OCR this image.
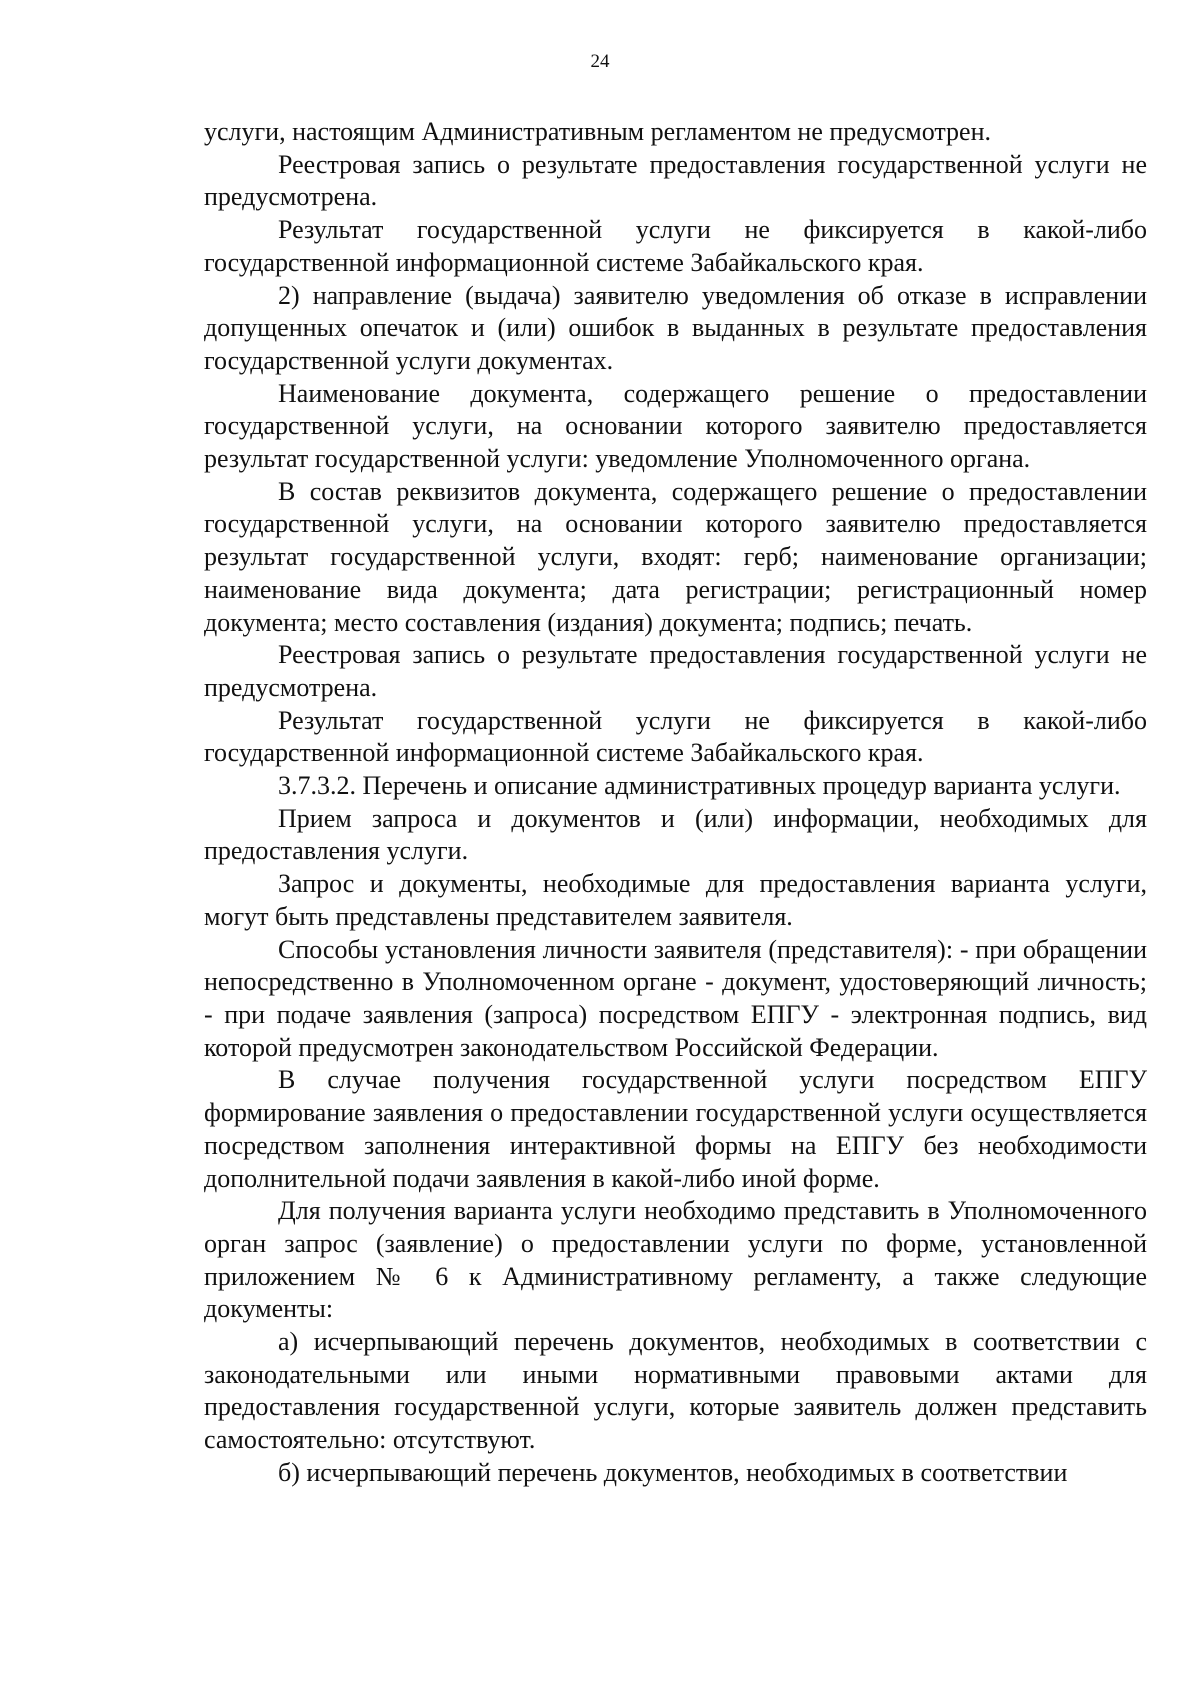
24

услуги, настоящим Административным регламентом не предусмотрен.

Реестровая запись о результате предоставления государственной услуги не предусмотрена.

Результат государственной услуги не фиксируется в какой-либо государственной информационной системе Забайкальского края.

2) направление (выдача) заявителю уведомления об отказе в исправлении допущенных опечаток и (или) ошибок в выданных в результате предоставления государственной услуги документах.

Наименование документа, содержащего решение о предоставлении государственной услуги, на основании которого заявителю предоставляется результат государственной услуги: уведомление Уполномоченного органа.

В состав реквизитов документа, содержащего решение о предоставлении государственной услуги, на основании которого заявителю предоставляется результат государственной услуги, входят: герб; наименование организации; наименование вида документа; дата регистрации; регистрационный номер документа; место составления (издания) документа; подпись; печать.

Реестровая запись о результате предоставления государственной услуги не предусмотрена.

Результат государственной услуги не фиксируется в какой-либо государственной информационной системе Забайкальского края.

3.7.3.2. Перечень и описание административных процедур варианта услуги.

Прием запроса и документов и (или) информации, необходимых для предоставления услуги.

Запрос и документы, необходимые для предоставления варианта услуги, могут быть представлены представителем заявителя.

Способы установления личности заявителя (представителя): - при обращении непосредственно в Уполномоченном органе - документ, удостоверяющий личность; - при подаче заявления (запроса) посредством ЕПГУ - электронная подпись, вид которой предусмотрен законодательством Российской Федерации.

В случае получения государственной услуги посредством ЕПГУ формирование заявления о предоставлении государственной услуги осуществляется посредством заполнения интерактивной формы на ЕПГУ без необходимости дополнительной подачи заявления в какой-либо иной форме.

Для получения варианта услуги необходимо представить в Уполномоченного орган запрос (заявление) о предоставлении услуги по форме, установленной приложением № 6 к Административному регламенту, а также следующие документы:

а) исчерпывающий перечень документов, необходимых в соответствии с законодательными или иными нормативными правовыми актами для предоставления государственной услуги, которые заявитель должен представить самостоятельно: отсутствуют.

б) исчерпывающий перечень документов, необходимых в соответствии
